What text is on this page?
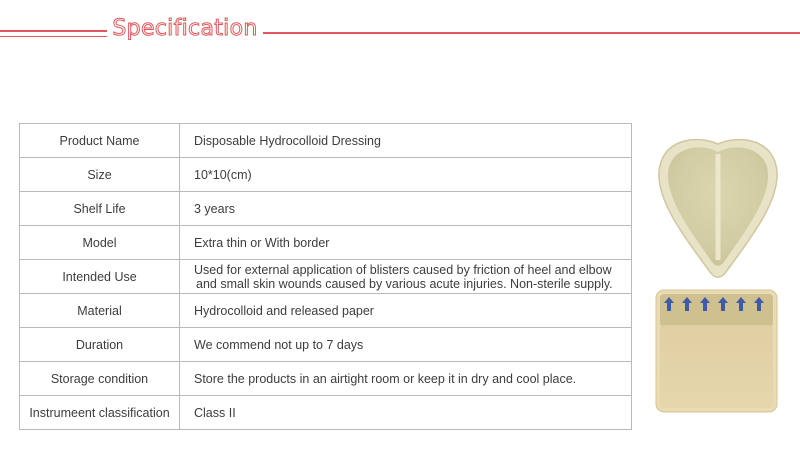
Specification
Product Name	Disposable Hydrocolloid Dressing
Size	10*10(cm)
Shelf Life	3 years
Model	Extra thin or With border
Intended Use	Used for external application of blisters caused by friction of heel and elbow
and small skin wounds caused by various acute injuries. Non-sterile supply.

Material	Hydrocolloid and released paper
Duration	We commend not up to 7 days
Storage condition	Store the products in an airtight room or keep it in dry and cool place.
Instrumeent classification	Class II
